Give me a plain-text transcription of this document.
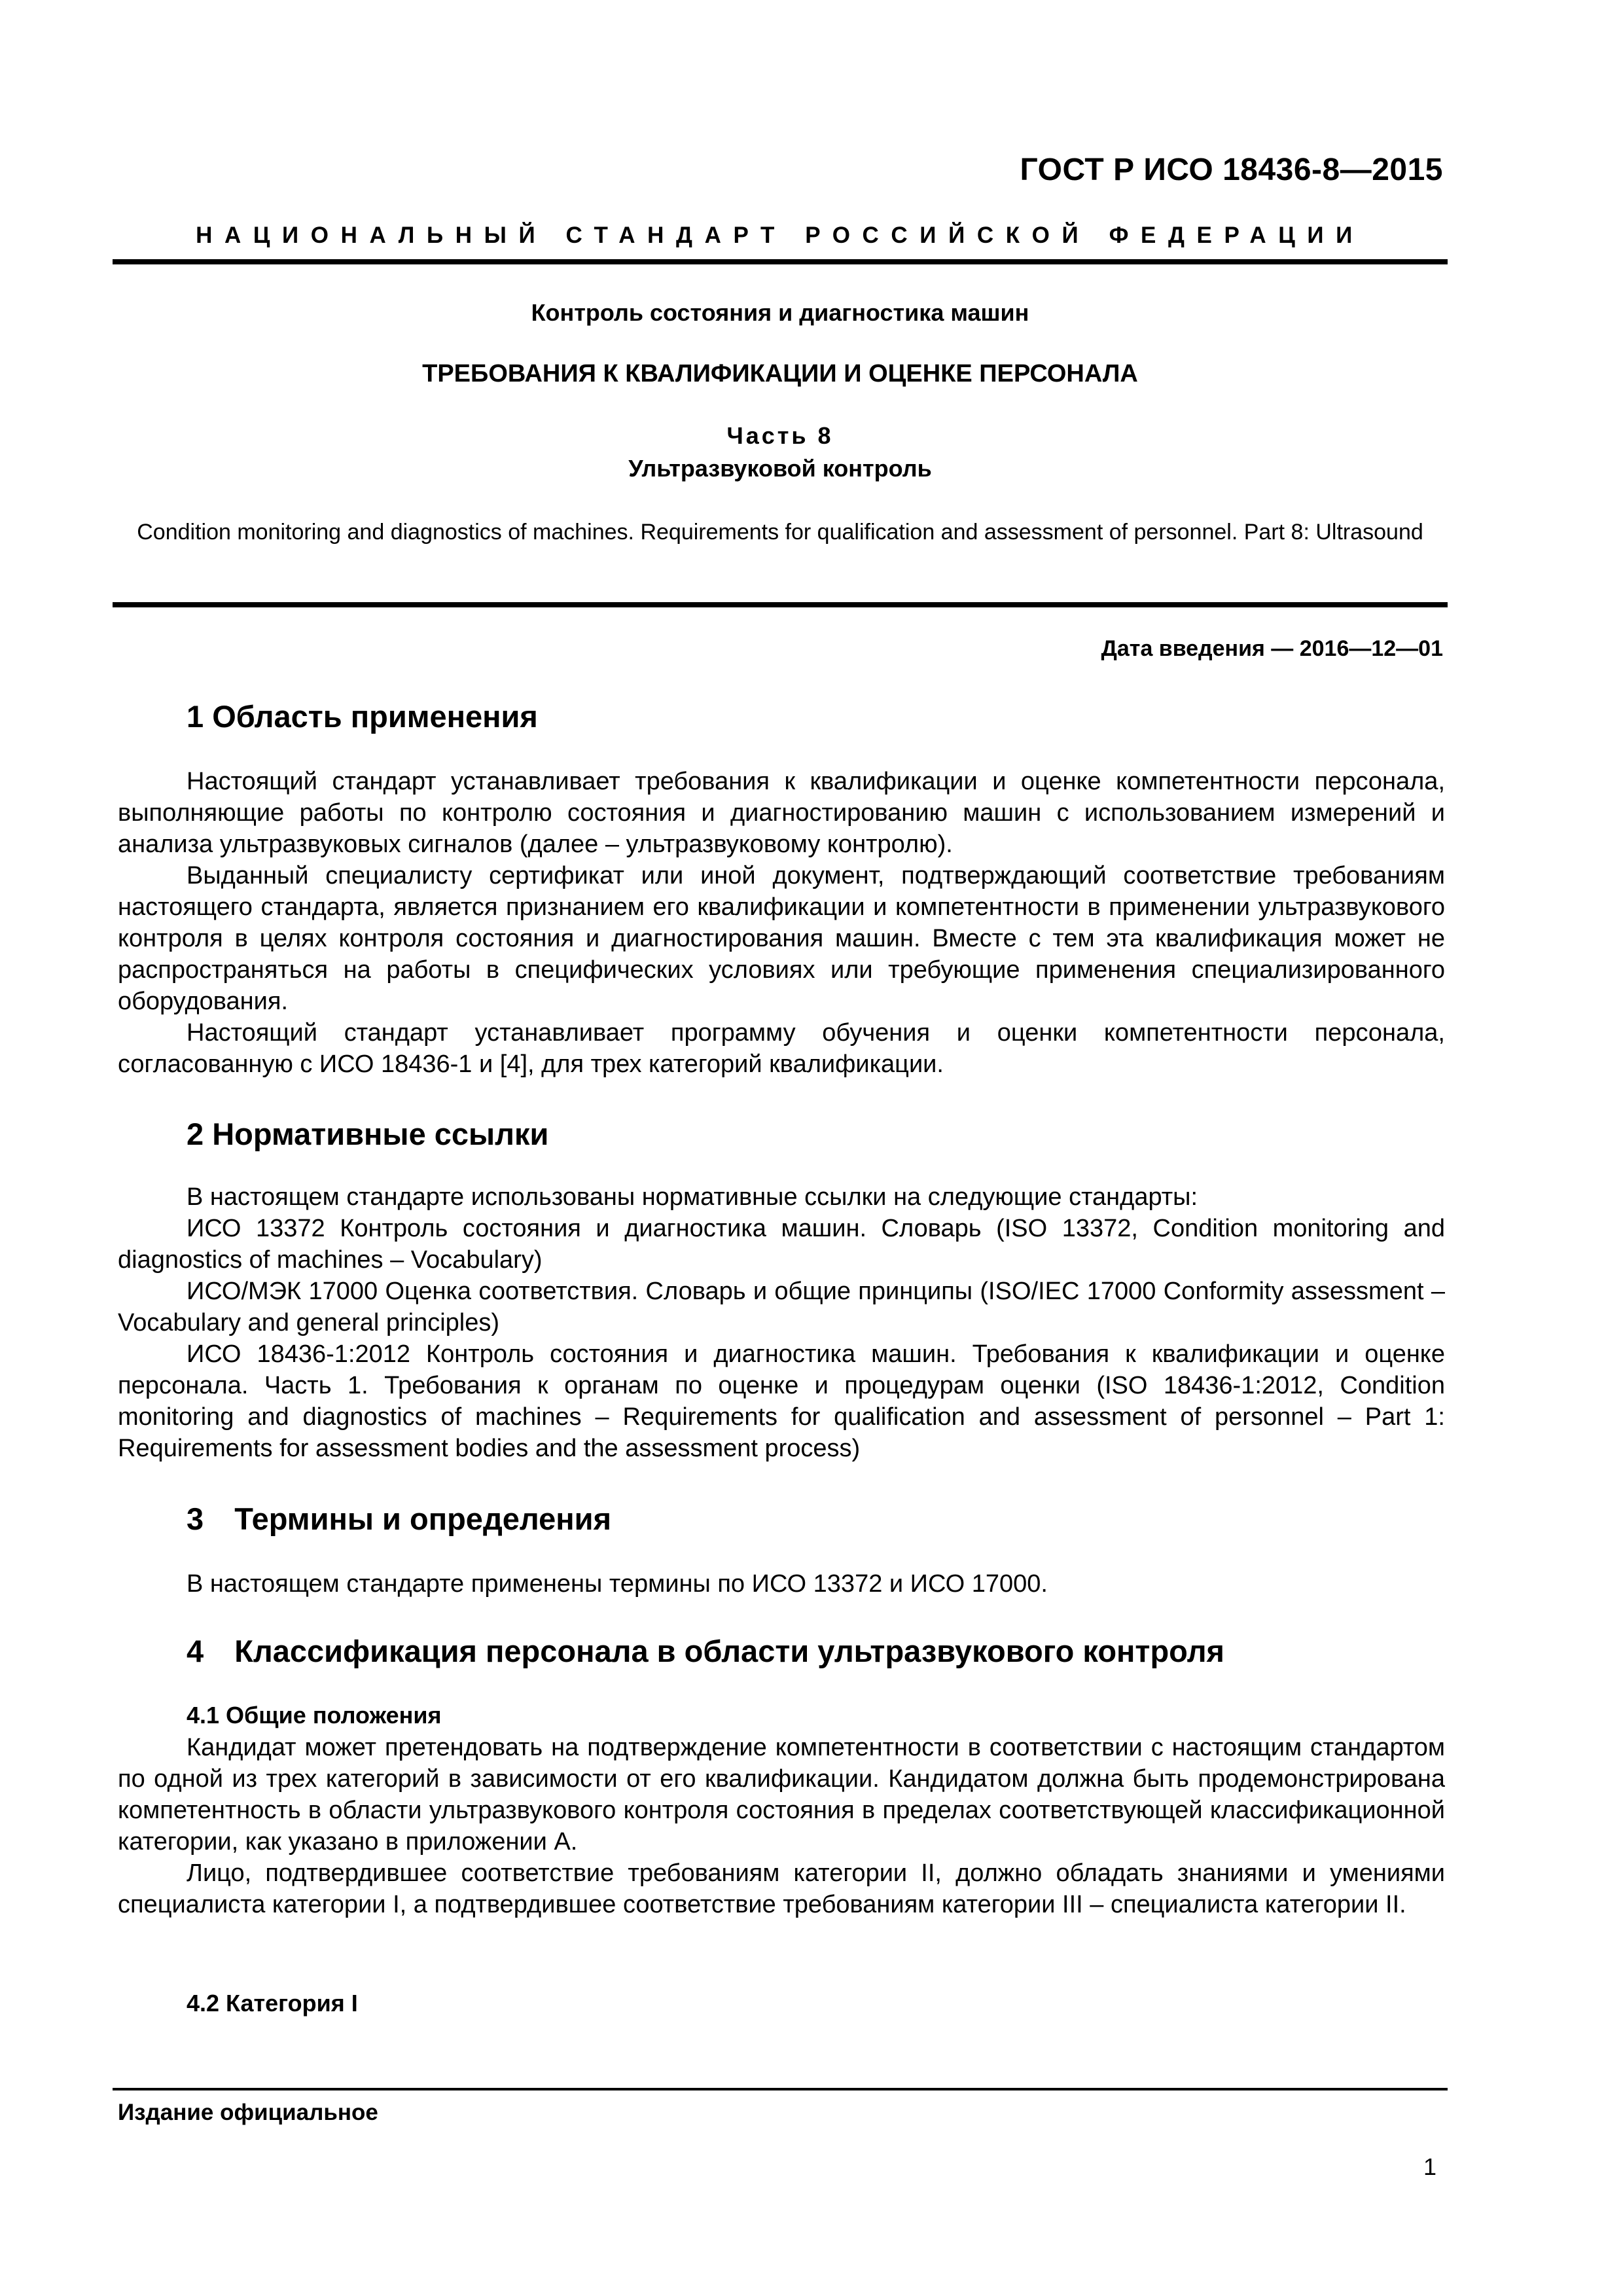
ГОСТ Р ИСО 18436-8—2015
НАЦИОНАЛЬНЫЙ СТАНДАРТ РОССИЙСКОЙ ФЕДЕРАЦИИ
Контроль состояния и диагностика машин
ТРЕБОВАНИЯ К КВАЛИФИКАЦИИ И ОЦЕНКЕ ПЕРСОНАЛА
Часть 8
Ультразвуковой контроль
Condition monitoring and diagnostics of machines. Requirements for qualification and assessment of personnel. Part 8: Ultrasound
Дата введения — 2016—12—01
1 Область применения

Настоящий стандарт устанавливает требования к квалификации и оценке компетентности персонала, выполняющие работы по контролю состояния и диагностированию машин с использованием измерений и анализа ультразвуковых сигналов (далее – ультразвуковому контролю).

Выданный специалисту сертификат или иной документ, подтверждающий соответствие требованиям настоящего стандарта, является признанием его квалификации и компетентности в применении ультразвукового контроля в целях контроля состояния и диагностирования машин. Вместе с тем эта квалификация может не распространяться на работы в специфических условиях или требующие применения специализированного оборудования.

Настоящий стандарт устанавливает программу обучения и оценки компетентности персонала, согласованную с ИСО 18436-1 и [4], для трех категорий квалификации.

2 Нормативные ссылки

В настоящем стандарте использованы нормативные ссылки на следующие стандарты:

ИСО 13372 Контроль состояния и диагностика машин. Словарь (ISO 13372, Condition monitoring and diagnostics of machines – Vocabulary)

ИСО/МЭК 17000 Оценка соответствия. Словарь и общие принципы (ISO/IEC 17000 Conformity assessment – Vocabulary and general principles)

ИСО 18436-1:2012 Контроль состояния и диагностика машин. Требования к квалификации и оценке персонала. Часть 1. Требования к органам по оценке и процедурам оценки (ISO 18436-1:2012, Condition monitoring and diagnostics of machines – Requirements for qualification and assessment of personnel – Part 1: Requirements for assessment bodies and the assessment process)

3 Термины и определения

В настоящем стандарте применены термины по ИСО 13372 и ИСО 17000.

4 Классификация персонала в области ультразвукового контроля
4.1 Общие положения

Кандидат может претендовать на подтверждение компетентности в соответствии с настоящим стандартом по одной из трех категорий в зависимости от его квалификации. Кандидатом должна быть продемонстрирована компетентность в области ультразвукового контроля состояния в пределах соответствующей классификационной категории, как указано в приложении А.

Лицо, подтвердившее соответствие требованиям категории II, должно обладать знаниями и умениями специалиста категории I, а подтвердившее соответствие требованиям категории III – специалиста категории II.

4.2 Категория I
Издание официальное
1
